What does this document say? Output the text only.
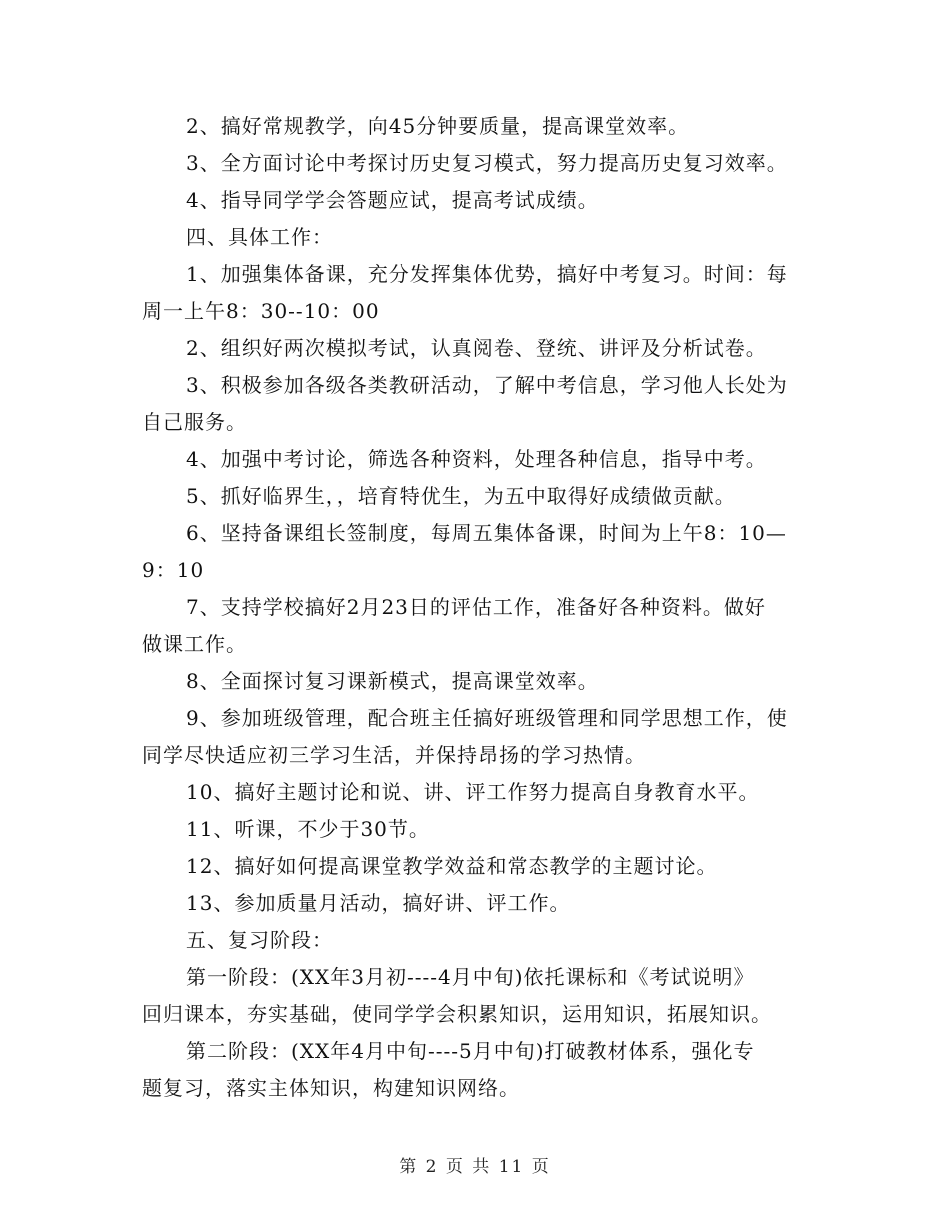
2、搞好常规教学，向45分钟要质量，提高课堂效率。

3、全方面讨论中考探讨历史复习模式，努力提高历史复习效率。

4、指导同学学会答题应试，提高考试成绩。

四、具体工作：

1、加强集体备课，充分发挥集体优势，搞好中考复习。时间：每
周一上午8：30--10：00

2、组织好两次模拟考试，认真阅卷、登统、讲评及分析试卷。

3、积极参加各级各类教研活动，了解中考信息，学习他人长处为
自己服务。

4、加强中考讨论，筛选各种资料，处理各种信息，指导中考。

5、抓好临界生，，培育特优生，为五中取得好成绩做贡献。

6、坚持备课组长签制度，每周五集体备课，时间为上午8：10—
9：10

7、支持学校搞好2月23日的评估工作，准备好各种资料。做好
做课工作。

8、全面探讨复习课新模式，提高课堂效率。

9、参加班级管理，配合班主任搞好班级管理和同学思想工作，使
同学尽快适应初三学习生活，并保持昂扬的学习热情。

10、搞好主题讨论和说、讲、评工作努力提高自身教育水平。

11、听课，不少于30节。

12、搞好如何提高课堂教学效益和常态教学的主题讨论。

13、参加质量月活动，搞好讲、评工作。

五、复习阶段：

第一阶段：(XX年3月初----4月中旬)依托课标和《考试说明》
回归课本，夯实基础，使同学学会积累知识，运用知识，拓展知识。

第二阶段：(XX年4月中旬----5月中旬)打破教材体系，强化专
题复习，落实主体知识，构建知识网络。

第 2 页 共 11 页
